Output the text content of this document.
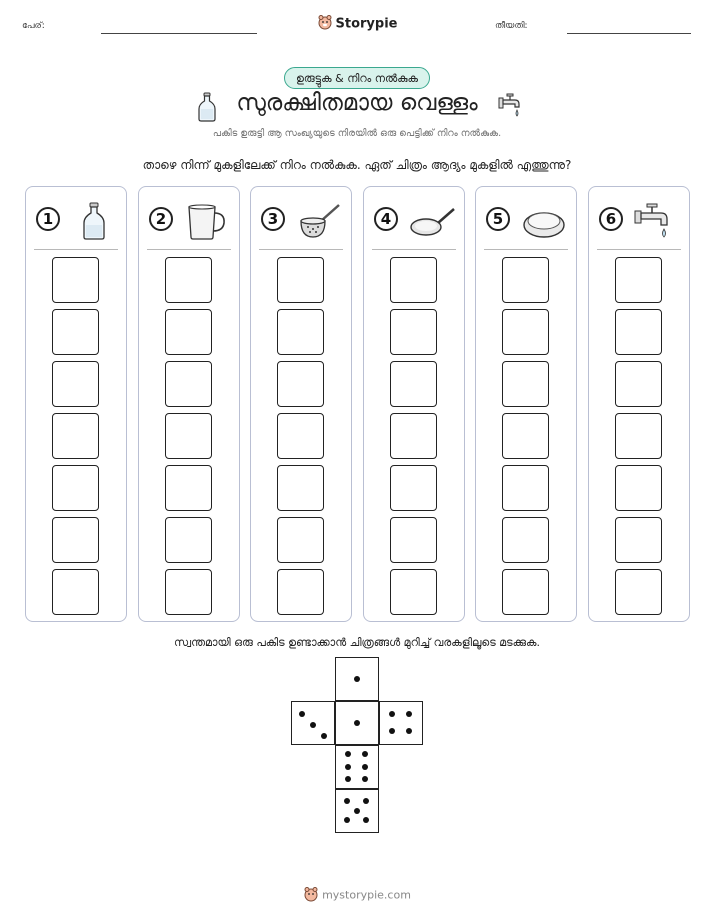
പേര്:	Storypie	തീയതി:
ഉരുട്ടുക & നിറം നൽകുക
സുരക്ഷിതമായ വെള്ളം
പകിട ഉരുട്ടി ആ സംഖ്യയുടെ നിരയിൽ ഒരു പെട്ടിക്ക് നിറം നൽകുക.
താഴെ നിന്ന് മുകളിലേക്ക് നിറം നൽകുക. ഏത് ചിത്രം ആദ്യം മുകളിൽ എത്തുന്നു?
1	2	3	4	5	6
സ്വന്തമായി ഒരു പകിട ഉണ്ടാക്കാൻ ചിത്രങ്ങൾ മുറിച്ച് വരകളിലൂടെ മടക്കുക.
mystorypie.com
